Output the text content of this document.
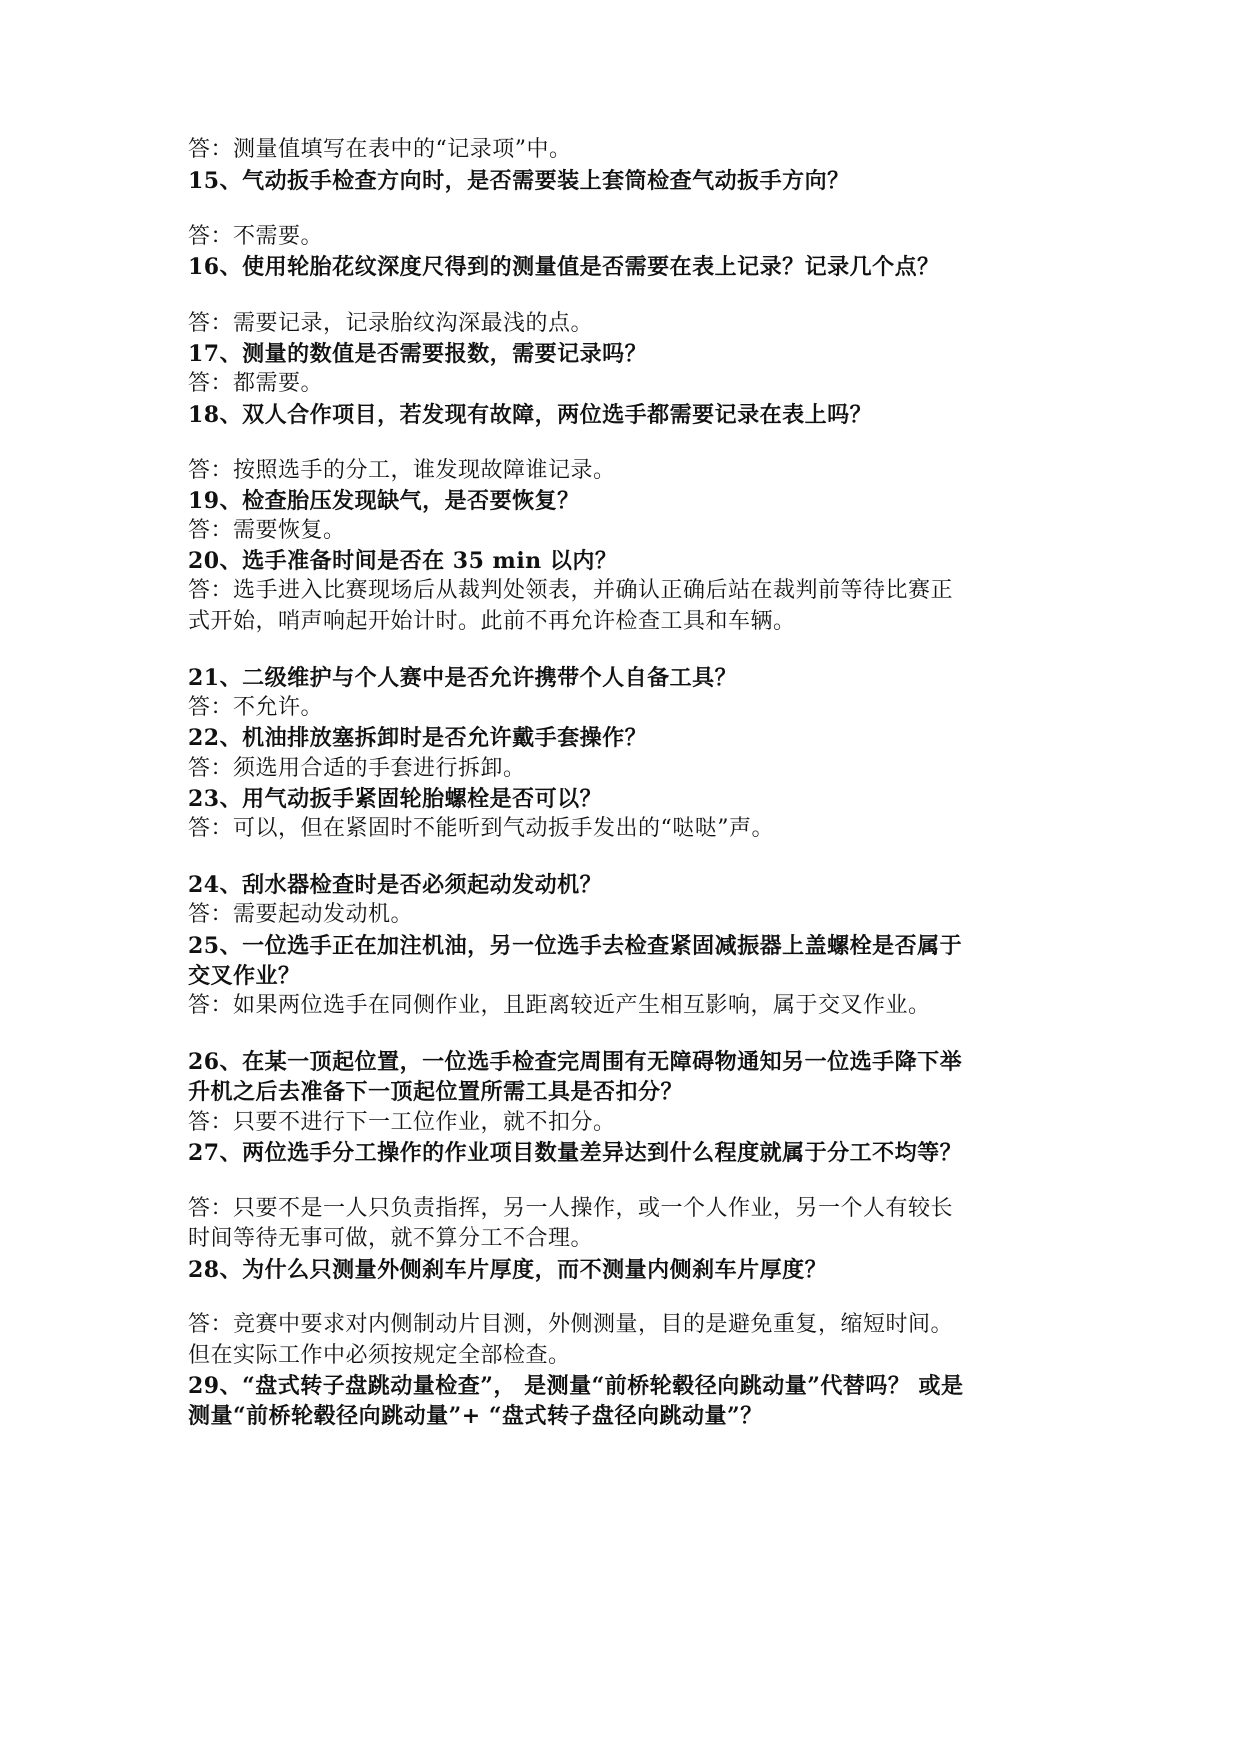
答：测量值填写在表中的“记录项”中。
15、气动扳手检查方向时，是否需要装上套筒检查气动扳手方向？
答：不需要。
16、使用轮胎花纹深度尺得到的测量值是否需要在表上记录？记录几个点？
答：需要记录，记录胎纹沟深最浅的点。
17、测量的数值是否需要报数，需要记录吗？
答：都需要。
18、双人合作项目，若发现有故障，两位选手都需要记录在表上吗？
答：按照选手的分工，谁发现故障谁记录。
19、检查胎压发现缺气，是否要恢复？
答：需要恢复。
20、选手准备时间是否在 35 min 以内？
答：选手进入比赛现场后从裁判处领表，并确认正确后站在裁判前等待比赛正
式开始，哨声响起开始计时。此前不再允许检查工具和车辆。
21、二级维护与个人赛中是否允许携带个人自备工具？
答：不允许。
22、机油排放塞拆卸时是否允许戴手套操作？
答：须选用合适的手套进行拆卸。
23、用气动扳手紧固轮胎螺栓是否可以？
答：可以，但在紧固时不能听到气动扳手发出的“哒哒”声。
24、刮水器检查时是否必须起动发动机？
答：需要起动发动机。
25、一位选手正在加注机油，另一位选手去检查紧固减振器上盖螺栓是否属于
交叉作业？
答：如果两位选手在同侧作业，且距离较近产生相互影响，属于交叉作业。
26、在某一顶起位置，一位选手检查完周围有无障碍物通知另一位选手降下举
升机之后去准备下一顶起位置所需工具是否扣分？
答：只要不进行下一工位作业，就不扣分。
27、两位选手分工操作的作业项目数量差异达到什么程度就属于分工不均等？
答：只要不是一人只负责指挥，另一人操作，或一个人作业，另一个人有较长
时间等待无事可做，就不算分工不合理。
28、为什么只测量外侧刹车片厚度，而不测量内侧刹车片厚度？
答：竞赛中要求对内侧制动片目测，外侧测量，目的是避免重复，缩短时间。
但在实际工作中必须按规定全部检查。
29、“盘式转子盘跳动量检查”， 是测量“前桥轮毂径向跳动量”代替吗？ 或是
测量“前桥轮毂径向跳动量”+ “盘式转子盘径向跳动量”？
